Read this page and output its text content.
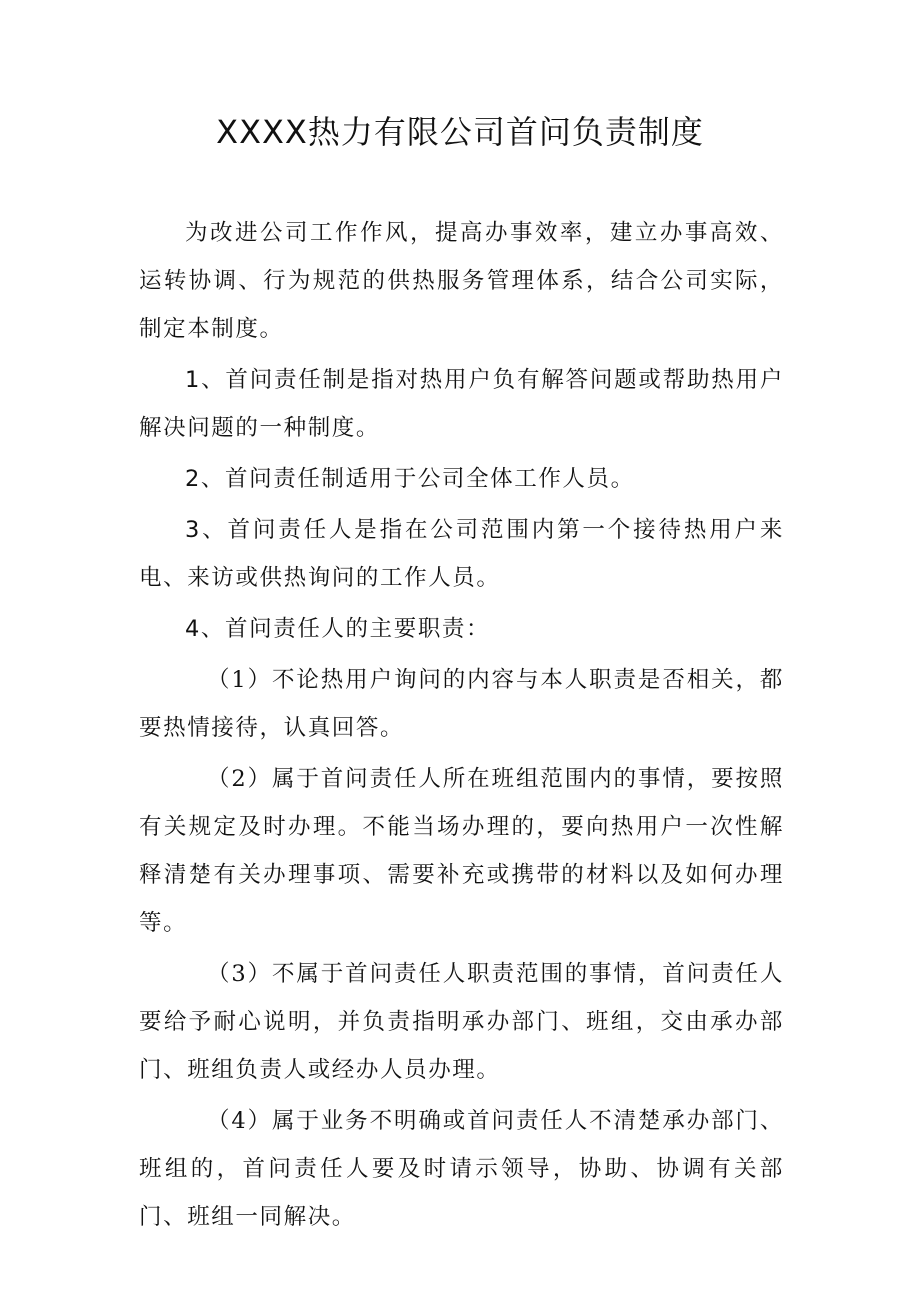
XXXX热力有限公司首问负责制度

为改进公司工作作风，提高办事效率，建立办事高效、运转协调、行为规范的供热服务管理体系，结合公司实际，制定本制度。

1、首问责任制是指对热用户负有解答问题或帮助热用户解决问题的一种制度。

2、首问责任制适用于公司全体工作人员。

3、首问责任人是指在公司范围内第一个接待热用户来电、来访或供热询问的工作人员。

4、首问责任人的主要职责：

（1）不论热用户询问的内容与本人职责是否相关，都要热情接待，认真回答。

（2）属于首问责任人所在班组范围内的事情，要按照有关规定及时办理。不能当场办理的，要向热用户一次性解释清楚有关办理事项、需要补充或携带的材料以及如何办理等。

（3）不属于首问责任人职责范围的事情，首问责任人要给予耐心说明，并负责指明承办部门、班组，交由承办部门、班组负责人或经办人员办理。

（4）属于业务不明确或首问责任人不清楚承办部门、班组的，首问责任人要及时请示领导，协助、协调有关部门、班组一同解决。
